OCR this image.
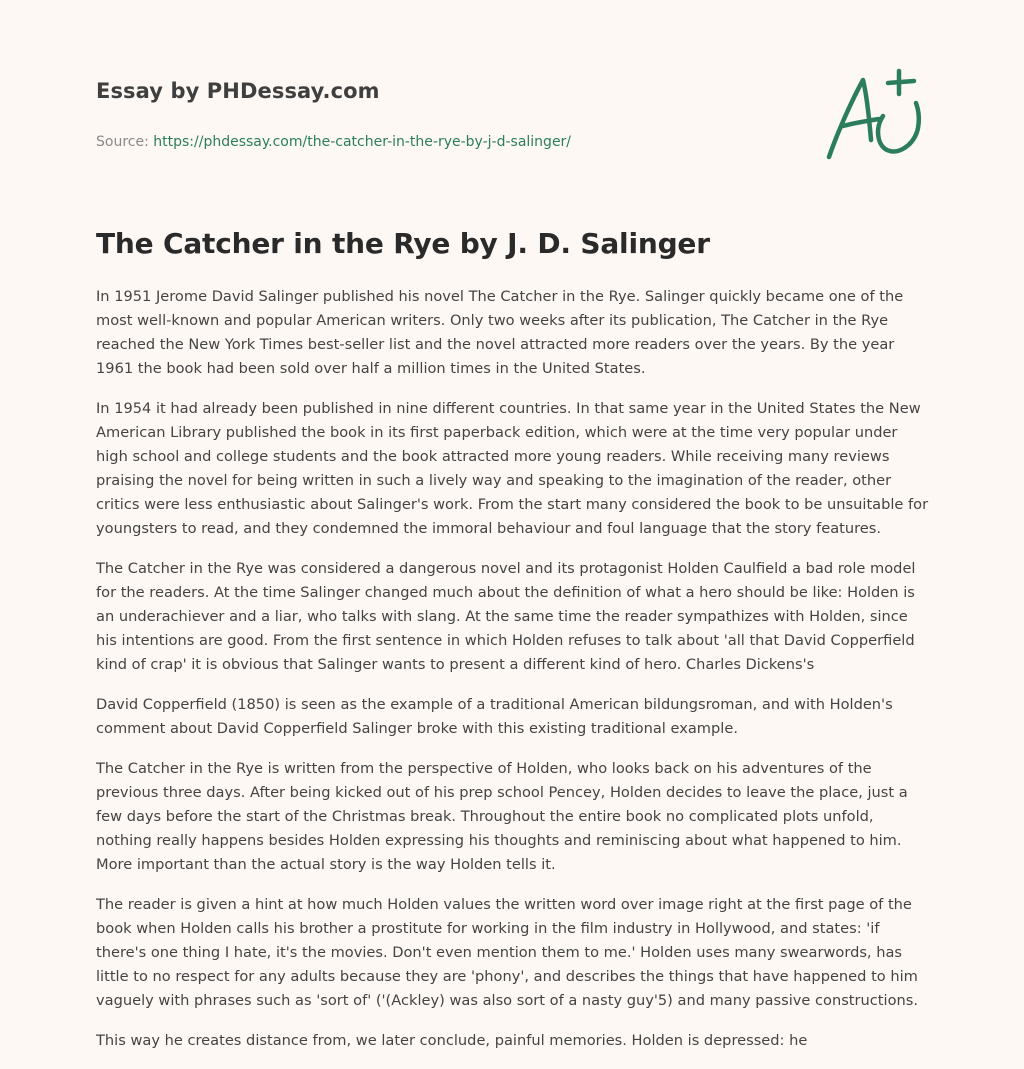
Essay by PHDessay.com
Source: https://phdessay.com/the-catcher-in-the-rye-by-j-d-salinger/
The Catcher in the Rye by J. D. Salinger

In 1951 Jerome David Salinger published his novel The Catcher in the Rye. Salinger quickly became one of the most well-known and popular American writers. Only two weeks after its publication, The Catcher in the Rye reached the New York Times best-seller list and the novel attracted more readers over the years. By the year 1961 the book had been sold over half a million times in the United States.

In 1954 it had already been published in nine different countries. In that same year in the United States the New American Library published the book in its first paperback edition, which were at the time very popular under high school and college students and the book attracted more young readers. While receiving many reviews praising the novel for being written in such a lively way and speaking to the imagination of the reader, other critics were less enthusiastic about Salinger's work. From the start many considered the book to be unsuitable for youngsters to read, and they condemned the immoral behaviour and foul language that the story features.

The Catcher in the Rye was considered a dangerous novel and its protagonist Holden Caulfield a bad role model for the readers. At the time Salinger changed much about the definition of what a hero should be like: Holden is an underachiever and a liar, who talks with slang. At the same time the reader sympathizes with Holden, since his intentions are good. From the first sentence in which Holden refuses to talk about 'all that David Copperfield kind of crap' it is obvious that Salinger wants to present a different kind of hero. Charles Dickens's

David Copperfield (1850) is seen as the example of a traditional American bildungsroman, and with Holden's comment about David Copperfield Salinger broke with this existing traditional example.

The Catcher in the Rye is written from the perspective of Holden, who looks back on his adventures of the previous three days. After being kicked out of his prep school Pencey, Holden decides to leave the place, just a few days before the start of the Christmas break. Throughout the entire book no complicated plots unfold, nothing really happens besides Holden expressing his thoughts and reminiscing about what happened to him. More important than the actual story is the way Holden tells it.

The reader is given a hint at how much Holden values the written word over image right at the first page of the book when Holden calls his brother a prostitute for working in the film industry in Hollywood, and states: 'if there's one thing I hate, it's the movies. Don't even mention them to me.' Holden uses many swearwords, has little to no respect for any adults because they are 'phony', and describes the things that have happened to him vaguely with phrases such as 'sort of' ('(Ackley) was also sort of a nasty guy'5) and many passive constructions.

This way he creates distance from, we later conclude, painful memories. Holden is depressed: he
